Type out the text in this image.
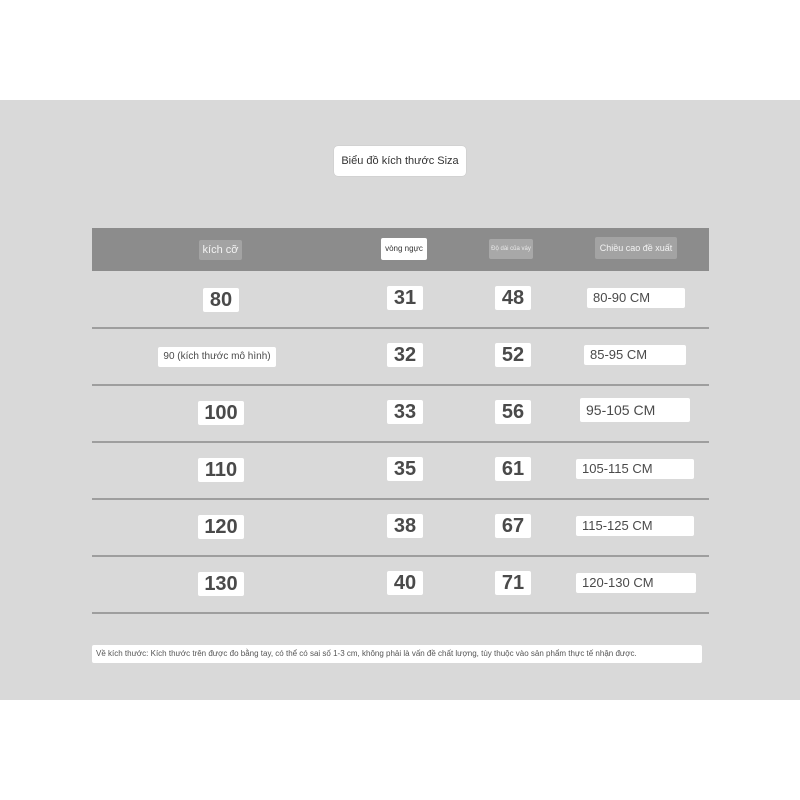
Biểu đồ kích thước Siza
kích cỡ	vòng ngực	Độ dài của váy	Chiều cao đề xuất
80	31	48	80-90 CM
90 (kích thước mô hình)	32	52	85-95 CM
100	33	56	95-105 CM
110	35	61	105-115 CM
120	38	67	115-125 CM
130	40	71	120-130 CM
Về kích thước: Kích thước trên được đo bằng tay, có thể có sai số 1-3 cm, không phải là vấn đề chất lượng, tùy thuộc vào sản phẩm thực tế nhận được.
